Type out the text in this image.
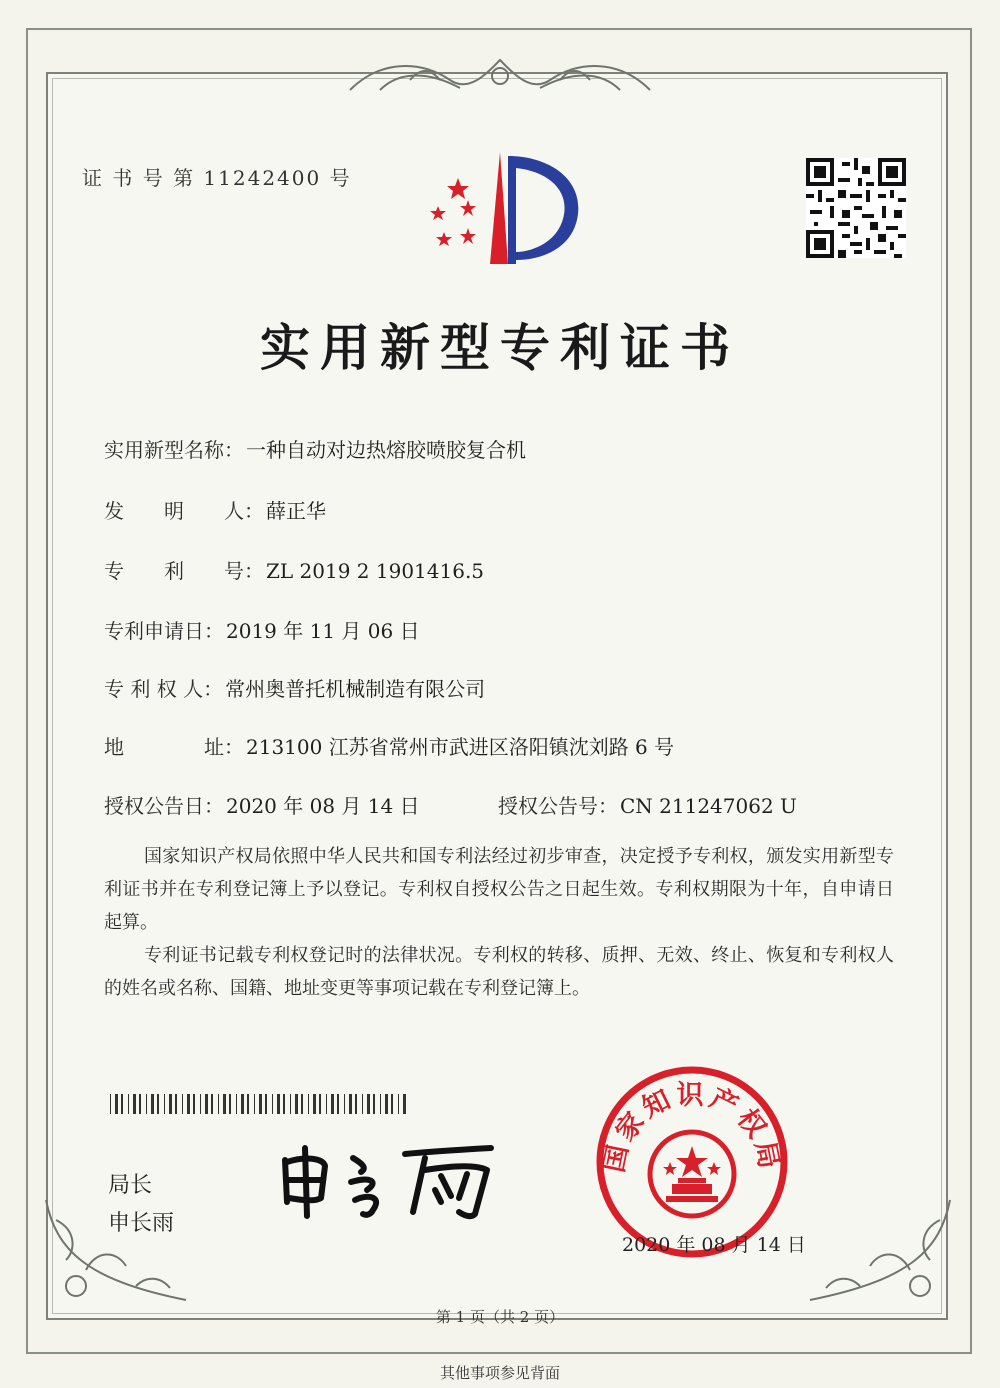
证 书 号 第 11242400 号
实用新型专利证书
实用新型名称： 一种自动对边热熔胶喷胶复合机
发　　明　　人： 薛正华
专　　利　　号： ZL 2019 2 1901416.5
专利申请日： 2019 年 11 月 06 日
专 利 权 人： 常州奥普托机械制造有限公司
地　　　　址： 213100 江苏省常州市武进区洛阳镇沈刘路 6 号
授权公告日： 2020 年 08 月 14 日	授权公告号： CN 211247062 U

国家知识产权局依照中华人民共和国专利法经过初步审查，决定授予专利权，颁发实用新型专利证书并在专利登记簿上予以登记。专利权自授权公告之日起生效。专利权期限为十年，自申请日起算。

专利证书记载专利权登记时的法律状况。专利权的转移、质押、无效、终止、恢复和专利权人的姓名或名称、国籍、地址变更等事项记载在专利登记簿上。

局长
申长雨
国家知识产权局
2020 年 08 月 14 日
第 1 页（共 2 页）
其他事项参见背面
